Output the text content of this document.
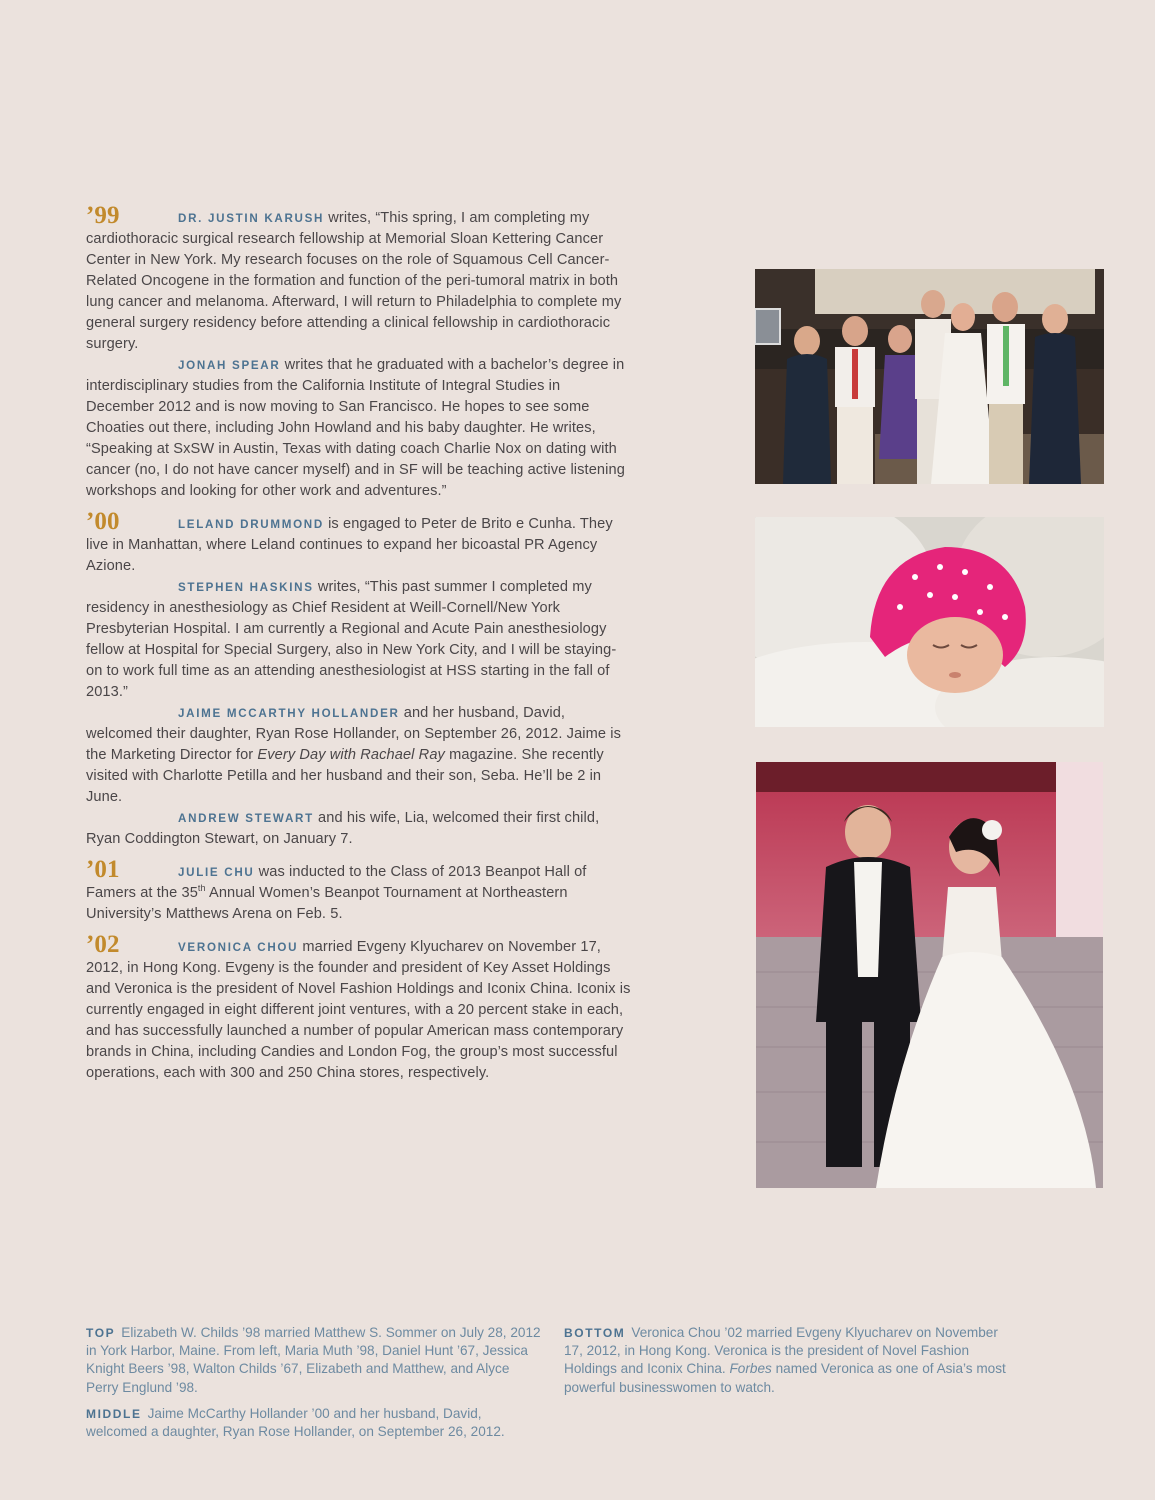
’99	DR. JUSTIN KARUSH writes, “This spring, I am completing my cardiothoracic surgical research fellowship at Memorial Sloan Kettering Cancer Center in New York. My research focuses on the role of Squamous Cell Cancer-Related Oncogene in the formation and function of the peri-tumoral matrix in both lung cancer and melanoma. Afterward, I will return to Philadelphia to complete my general surgery residency before attending a clinical fellowship in cardiothoracic surgery.

JONAH SPEAR writes that he graduated with a bachelor’s degree in interdisciplinary studies from the California Institute of Integral Studies in December 2012 and is now moving to San Francisco. He hopes to see some Choaties out there, including John Howland and his baby daughter. He writes, “Speaking at SxSW in Austin, Texas with dating coach Charlie Nox on dating with cancer (no, I do not have cancer myself) and in SF will be teaching active listening workshops and looking for other work and adventures.”

’00	LELAND DRUMMOND is engaged to Peter de Brito e Cunha. They live in Manhattan, where Leland continues to expand her bicoastal PR Agency Azione.

STEPHEN HASKINS writes, “This past summer I completed my residency in anesthesiology as Chief Resident at Weill-Cornell/New York Presbyterian Hospital. I am currently a Regional and Acute Pain anesthesiology fellow at Hospital for Special Surgery, also in New York City, and I will be staying-on to work full time as an attending anesthesiologist at HSS starting in the fall of 2013.”

JAIME MCCARTHY HOLLANDER and her husband, David, welcomed their daughter, Ryan Rose Hollander, on September 26, 2012. Jaime is the Marketing Director for Every Day with Rachael Ray magazine. She recently visited with Charlotte Petilla and her husband and their son, Seba. He’ll be 2 in June.

ANDREW STEWART and his wife, Lia, welcomed their first child, Ryan Coddington Stewart, on January 7.

’01	JULIE CHU was inducted to the Class of 2013 Beanpot Hall of Famers at the 35th Annual Women’s Beanpot Tournament at Northeastern University’s Matthews Arena on Feb. 5.

’02	VERONICA CHOU married Evgeny Klyucharev on November 17, 2012, in Hong Kong. Evgeny is the founder and president of Key Asset Holdings and Veronica is the president of Novel Fashion Holdings and Iconix China. Iconix is currently engaged in eight different joint ventures, with a 20 percent stake in each, and has successfully launched a number of popular American mass contemporary brands in China, including Candies and London Fog, the group’s most successful operations, each with 300 and 250 China stores, respectively.

TOP Elizabeth W. Childs ’98 married Matthew S. Sommer on July 28, 2012 in York Harbor, Maine. From left, Maria Muth ’98, Daniel Hunt ’67, Jessica Knight Beers ’98, Walton Childs ’67, Elizabeth and Matthew, and Alyce Perry Englund ’98.

MIDDLE Jaime McCarthy Hollander ’00 and her husband, David, welcomed a daughter, Ryan Rose Hollander, on September 26, 2012.

BOTTOM Veronica Chou ’02 married Evgeny Klyucharev on November 17, 2012, in Hong Kong. Veronica is the president of Novel Fashion Holdings and Iconix China. Forbes named Veronica as one of Asia’s most powerful businesswomen to watch.
